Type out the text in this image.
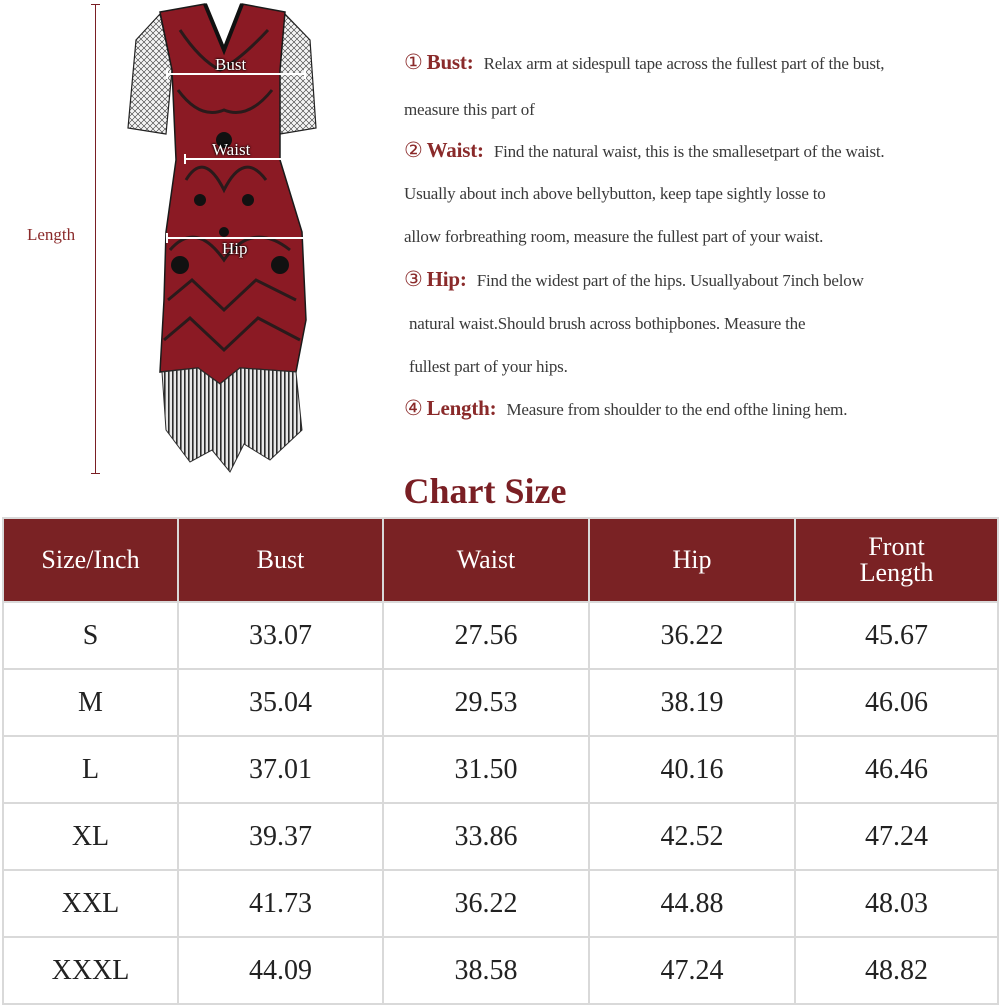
Length
Bust
Waist
Hip
① Bust: Relax arm at sidespull tape across the fullest part of the bust,
measure this part of
② Waist: Find the natural waist, this is the smallesetpart of the waist.
Usually about inch above bellybutton, keep tape sightly losse to
allow forbreathing room, measure the fullest part of your waist.
③ Hip: Find the widest part of the hips. Usuallyabout 7inch below
natural waist.Should brush across bothipbones. Measure the
fullest part of your hips.
④ Length: Measure from shoulder to the end ofthe lining hem.
Chart Size
Size/Inch	Bust	Waist	Hip	Front Length
S	33.07	27.56	36.22	45.67
M	35.04	29.53	38.19	46.06
L	37.01	31.50	40.16	46.46
XL	39.37	33.86	42.52	47.24
XXL	41.73	36.22	44.88	48.03
XXXL	44.09	38.58	47.24	48.82
